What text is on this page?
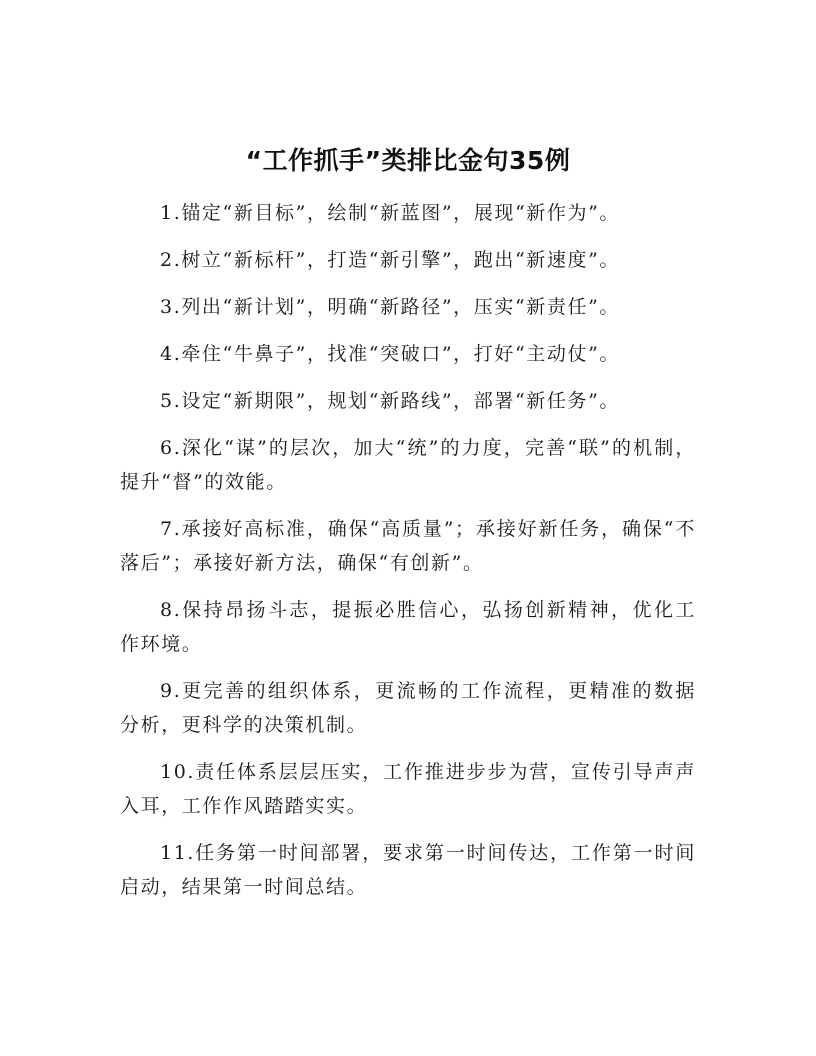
“工作抓手”类排比金句35例

1.锚定“新目标”，绘制“新蓝图”，展现“新作为”。

2.树立“新标杆”，打造“新引擎”，跑出“新速度”。

3.列出“新计划”，明确“新路径”，压实“新责任”。

4.牵住“牛鼻子”，找准“突破口”，打好“主动仗”。

5.设定“新期限”，规划“新路线”，部署“新任务”。

6.深化“谋”的层次，加大“统”的力度，完善“联”的机制，提升“督”的效能。

7.承接好高标准，确保“高质量”；承接好新任务，确保“不落后”；承接好新方法，确保“有创新”。

8.保持昂扬斗志，提振必胜信心，弘扬创新精神，优化工作环境。

9.更完善的组织体系，更流畅的工作流程，更精准的数据分析，更科学的决策机制。

10.责任体系层层压实，工作推进步步为营，宣传引导声声入耳，工作作风踏踏实实。

11.任务第一时间部署，要求第一时间传达，工作第一时间启动，结果第一时间总结。
